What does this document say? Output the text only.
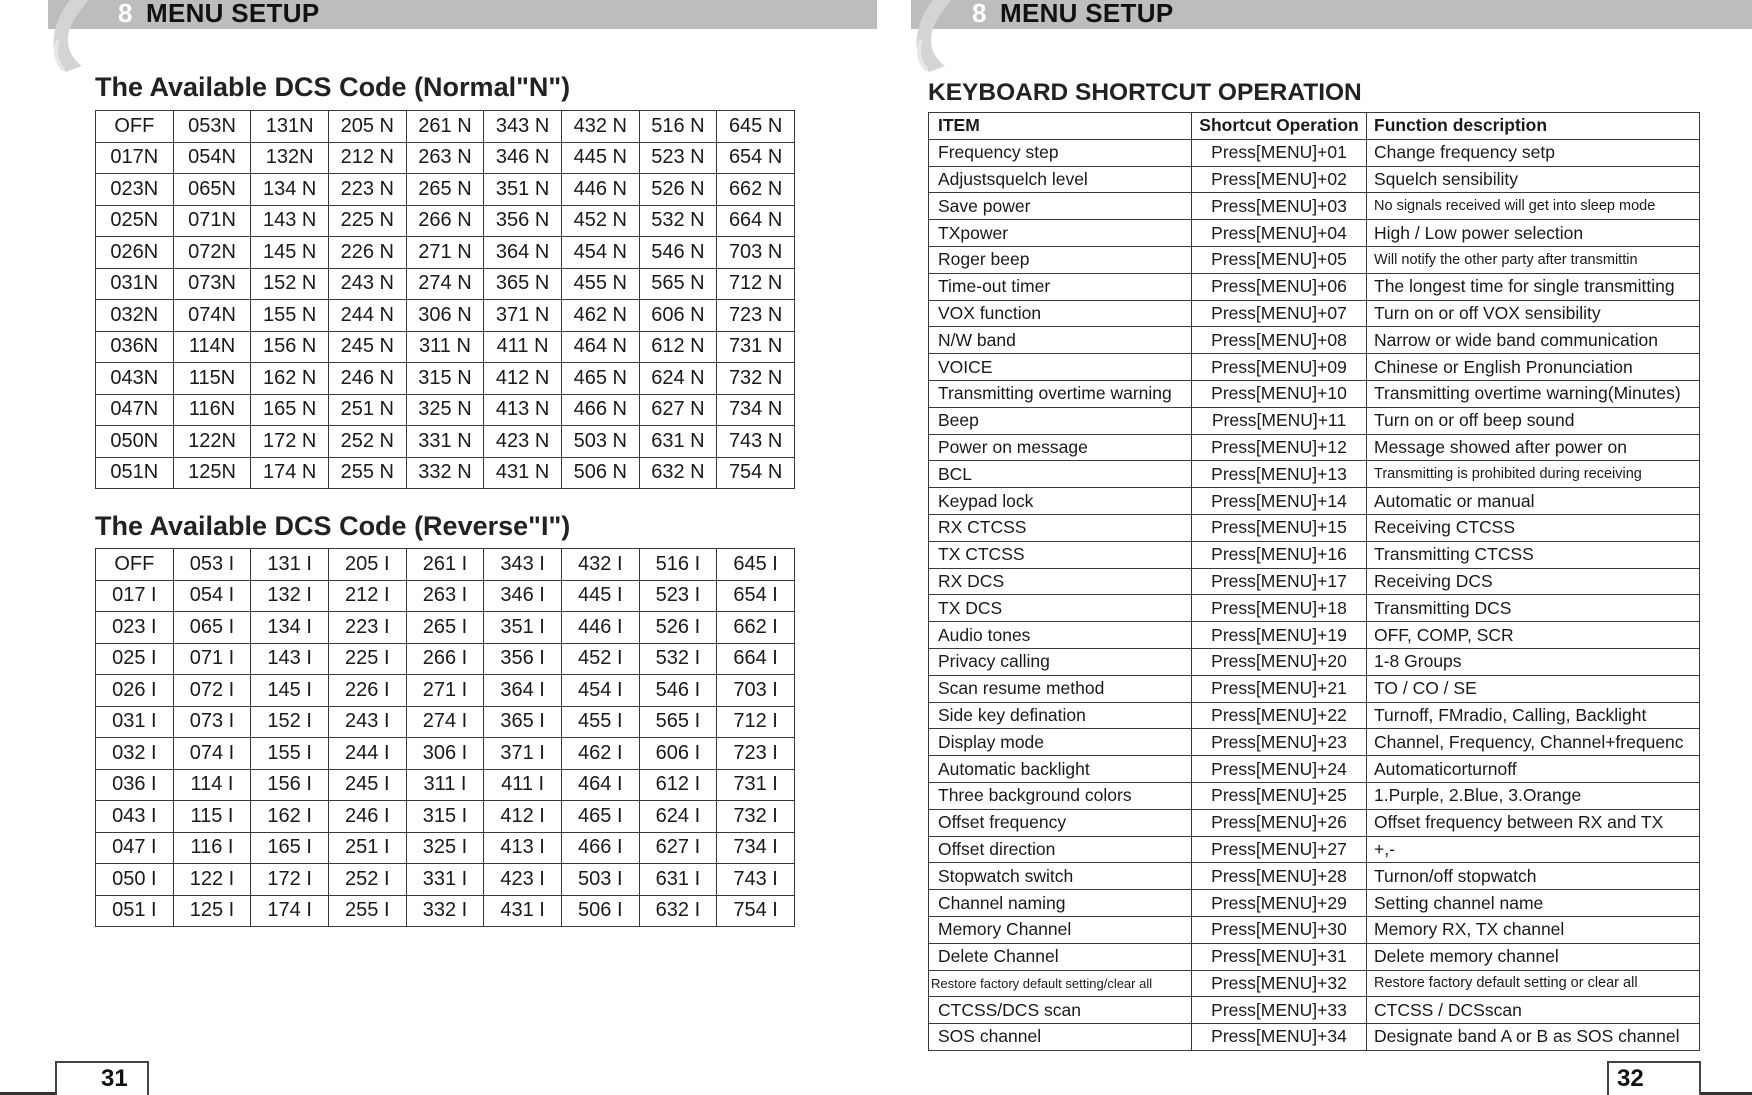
8 MENU SETUP
The Available DCS Code (Normal"N")
OFF	053N	131N	205 N	261 N	343 N	432 N	516 N	645 N
017N	054N	132N	212 N	263 N	346 N	445 N	523 N	654 N
023N	065N	134 N	223 N	265 N	351 N	446 N	526 N	662 N
025N	071N	143 N	225 N	266 N	356 N	452 N	532 N	664 N
026N	072N	145 N	226 N	271 N	364 N	454 N	546 N	703 N
031N	073N	152 N	243 N	274 N	365 N	455 N	565 N	712 N
032N	074N	155 N	244 N	306 N	371 N	462 N	606 N	723 N
036N	114N	156 N	245 N	311 N	411 N	464 N	612 N	731 N
043N	115N	162 N	246 N	315 N	412 N	465 N	624 N	732 N
047N	116N	165 N	251 N	325 N	413 N	466 N	627 N	734 N
050N	122N	172 N	252 N	331 N	423 N	503 N	631 N	743 N
051N	125N	174 N	255 N	332 N	431 N	506 N	632 N	754 N
The Available DCS Code (Reverse"I")
OFF	053 I	131 I	205 I	261 I	343 I	432 I	516 I	645 I
017 I	054 I	132 I	212 I	263 I	346 I	445 I	523 I	654 I
023 I	065 I	134 I	223 I	265 I	351 I	446 I	526 I	662 I
025 I	071 I	143 I	225 I	266 I	356 I	452 I	532 I	664 I
026 I	072 I	145 I	226 I	271 I	364 I	454 I	546 I	703 I
031 I	073 I	152 I	243 I	274 I	365 I	455 I	565 I	712 I
032 I	074 I	155 I	244 I	306 I	371 I	462 I	606 I	723 I
036 I	114 I	156 I	245 I	311 I	411 I	464 I	612 I	731 I
043 I	115 I	162 I	246 I	315 I	412 I	465 I	624 I	732 I
047 I	116 I	165 I	251 I	325 I	413 I	466 I	627 I	734 I
050 I	122 I	172 I	252 I	331 I	423 I	503 I	631 I	743 I
051 I	125 I	174 I	255 I	332 I	431 I	506 I	632 I	754 I
31
8 MENU SETUP
KEYBOARD SHORTCUT OPERATION
ITEM	Shortcut Operation	Function description
Frequency step	Press[MENU]+01	Change frequency setp
Adjustsquelch level	Press[MENU]+02	Squelch sensibility
Save power	Press[MENU]+03	No signals received will get into sleep mode
TXpower	Press[MENU]+04	High / Low power selection
Roger beep	Press[MENU]+05	Will notify the other party after transmittin
Time-out timer	Press[MENU]+06	The longest time for single transmitting
VOX function	Press[MENU]+07	Turn on or off VOX sensibility
N/W band	Press[MENU]+08	Narrow or wide band communication
VOICE	Press[MENU]+09	Chinese or English Pronunciation
Transmitting overtime warning	Press[MENU]+10	Transmitting overtime warning(Minutes)
Beep	Press[MENU]+11	Turn on or off beep sound
Power on message	Press[MENU]+12	Message showed after power on
BCL	Press[MENU]+13	Transmitting is prohibited during receiving
Keypad lock	Press[MENU]+14	Automatic or manual
RX CTCSS	Press[MENU]+15	Receiving CTCSS
TX CTCSS	Press[MENU]+16	Transmitting CTCSS
RX DCS	Press[MENU]+17	Receiving DCS
TX DCS	Press[MENU]+18	Transmitting DCS
Audio tones	Press[MENU]+19	OFF, COMP, SCR
Privacy calling	Press[MENU]+20	1-8 Groups
Scan resume method	Press[MENU]+21	TO / CO / SE
Side key defination	Press[MENU]+22	Turnoff, FMradio, Calling, Backlight
Display mode	Press[MENU]+23	Channel, Frequency, Channel+frequenc
Automatic backlight	Press[MENU]+24	Automaticorturnoff
Three background colors	Press[MENU]+25	1.Purple, 2.Blue, 3.Orange
Offset frequency	Press[MENU]+26	Offset frequency between RX and TX
Offset direction	Press[MENU]+27	+,-
Stopwatch switch	Press[MENU]+28	Turnon/off stopwatch
Channel naming	Press[MENU]+29	Setting channel name
Memory Channel	Press[MENU]+30	Memory RX, TX channel
Delete Channel	Press[MENU]+31	Delete memory channel
Restore factory default setting/clear all	Press[MENU]+32	Restore factory default setting or clear all
CTCSS/DCS scan	Press[MENU]+33	CTCSS / DCSscan
SOS channel	Press[MENU]+34	Designate band A or B as SOS channel
32
